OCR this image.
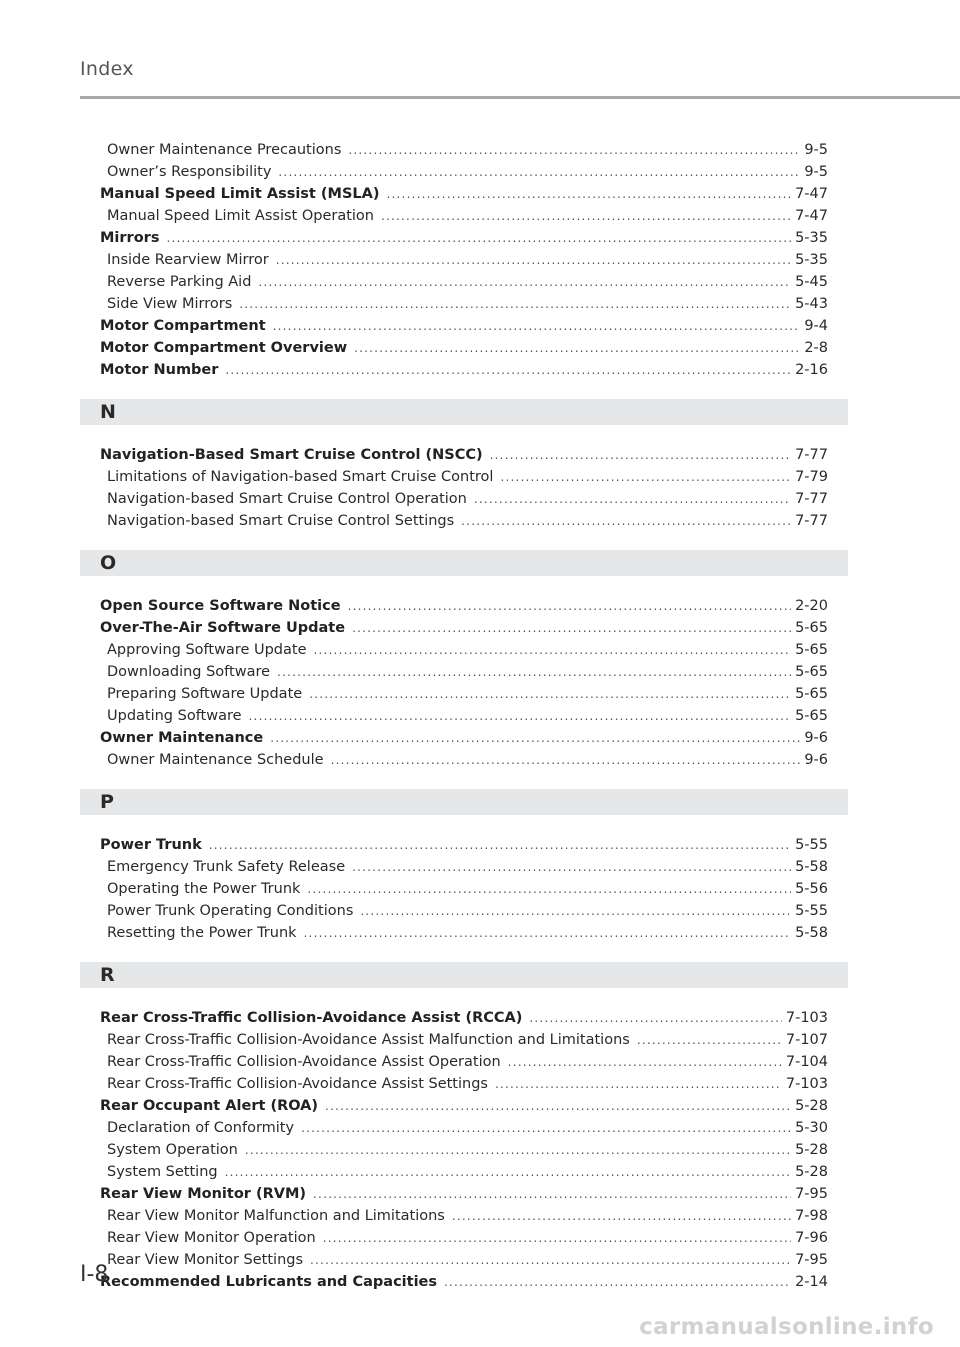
Index
Owner Maintenance Precautions .....	9-5
Owner’s Responsibility .....	9-5
Manual Speed Limit Assist (MSLA) .....	7-47
Manual Speed Limit Assist Operation .....	7-47
Mirrors .....	5-35
Inside Rearview Mirror .....	5-35
Reverse Parking Aid .....	5-45
Side View Mirrors .....	5-43
Motor Compartment .....	9-4
Motor Compartment Overview .....	2-8
Motor Number .....	2-16
Navigation-Based Smart Cruise Control (NSCC) .....	7-77
Limitations of Navigation-based Smart Cruise Control .....	7-79
Navigation-based Smart Cruise Control Operation .....	7-77
Navigation-based Smart Cruise Control Settings .....	7-77
Open Source Software Notice .....	2-20
Over-The-Air Software Update .....	5-65
Approving Software Update .....	5-65
Downloading Software .....	5-65
Preparing Software Update .....	5-65
Updating Software .....	5-65
Owner Maintenance .....	9-6
Owner Maintenance Schedule .....	9-6
Power Trunk .....	5-55
Emergency Trunk Safety Release .....	5-58
Operating the Power Trunk .....	5-56
Power Trunk Operating Conditions .....	5-55
Resetting the Power Trunk .....	5-58
Rear Cross-Traffic Collision-Avoidance Assist (RCCA) .....	7-103
Rear Cross-Traffic Collision-Avoidance Assist Malfunction and Limitations .....	7-107
Rear Cross-Traffic Collision-Avoidance Assist Operation .....	7-104
Rear Cross-Traffic Collision-Avoidance Assist Settings .....	7-103
Rear Occupant Alert (ROA) .....	5-28
Declaration of Conformity .....	5-30
System Operation .....	5-28
System Setting .....	5-28
Rear View Monitor (RVM) .....	7-95
Rear View Monitor Malfunction and Limitations .....	7-98
Rear View Monitor Operation .....	7-96
Rear View Monitor Settings .....	7-95
Recommended Lubricants and Capacities .....	2-14
I-8
carmanualsonline.info
N
O
P
R
